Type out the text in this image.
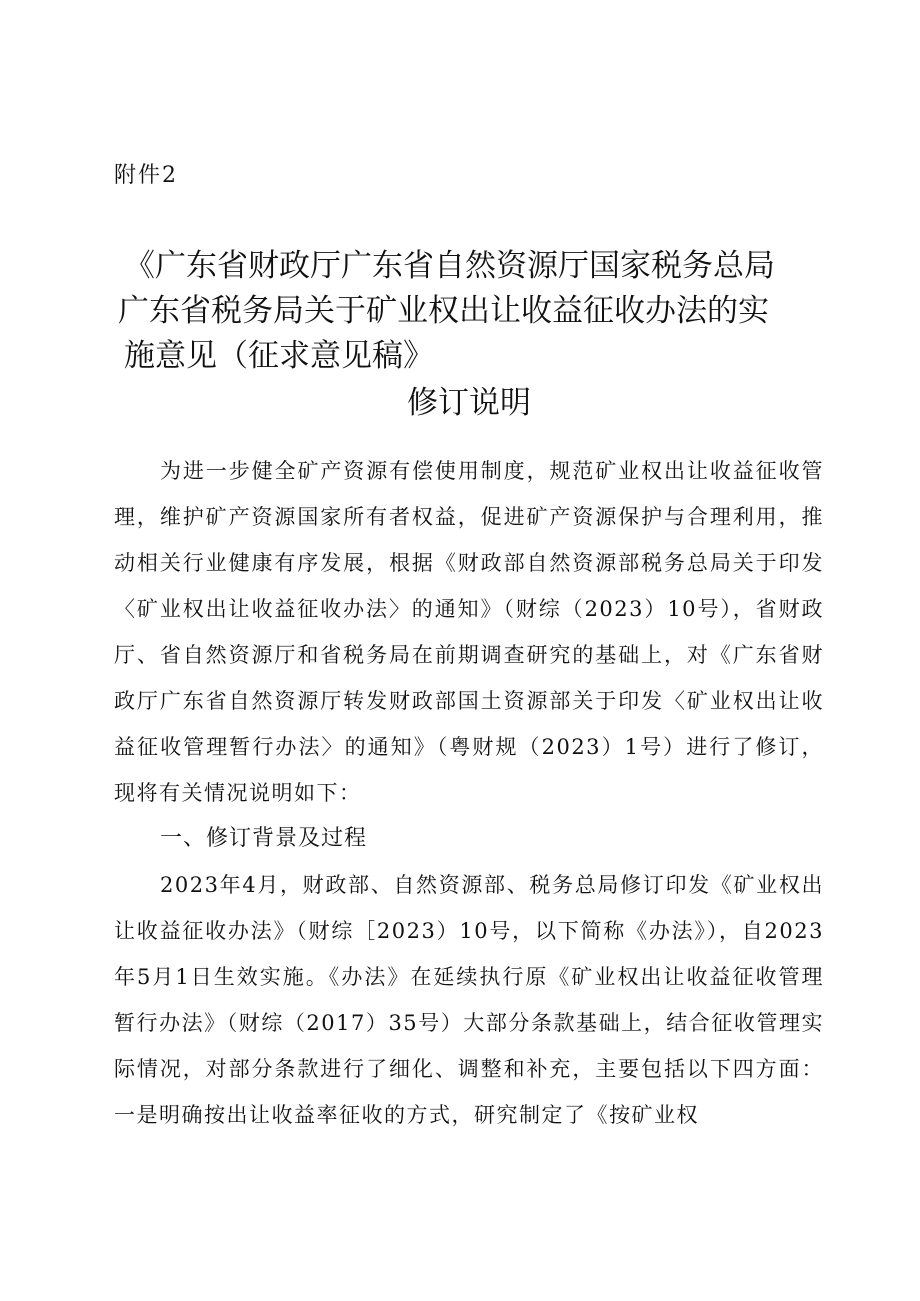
附件2
《广东省财政厅广东省自然资源厅国家税务总局
广东省税务局关于矿业权出让收益征收办法的实
施意见（征求意见稿》
修订说明

为进一步健全矿产资源有偿使用制度，规范矿业权出让收益征收管理，维护矿产资源国家所有者权益，促进矿产资源保护与合理利用，推动相关行业健康有序发展，根据《财政部自然资源部税务总局关于印发〈矿业权出让收益征收办法〉的通知》（财综（2023）10号），省财政厅、省自然资源厅和省税务局在前期调查研究的基础上，对《广东省财政厅广东省自然资源厅转发财政部国土资源部关于印发〈矿业权出让收益征收管理暂行办法〉的通知》（粤财规（2023）1号）进行了修订，现将有关情况说明如下：

一、修订背景及过程

2023年4月，财政部、自然资源部、税务总局修订印发《矿业权出让收益征收办法》（财综［2023）10号，以下简称《办法》），自2023年5月1日生效实施。《办法》在延续执行原《矿业权出让收益征收管理暂行办法》（财综（2017）35号）大部分条款基础上，结合征收管理实际情况，对部分条款进行了细化、调整和补充，主要包括以下四方面：一是明确按出让收益率征收的方式，研究制定了《按矿业权
